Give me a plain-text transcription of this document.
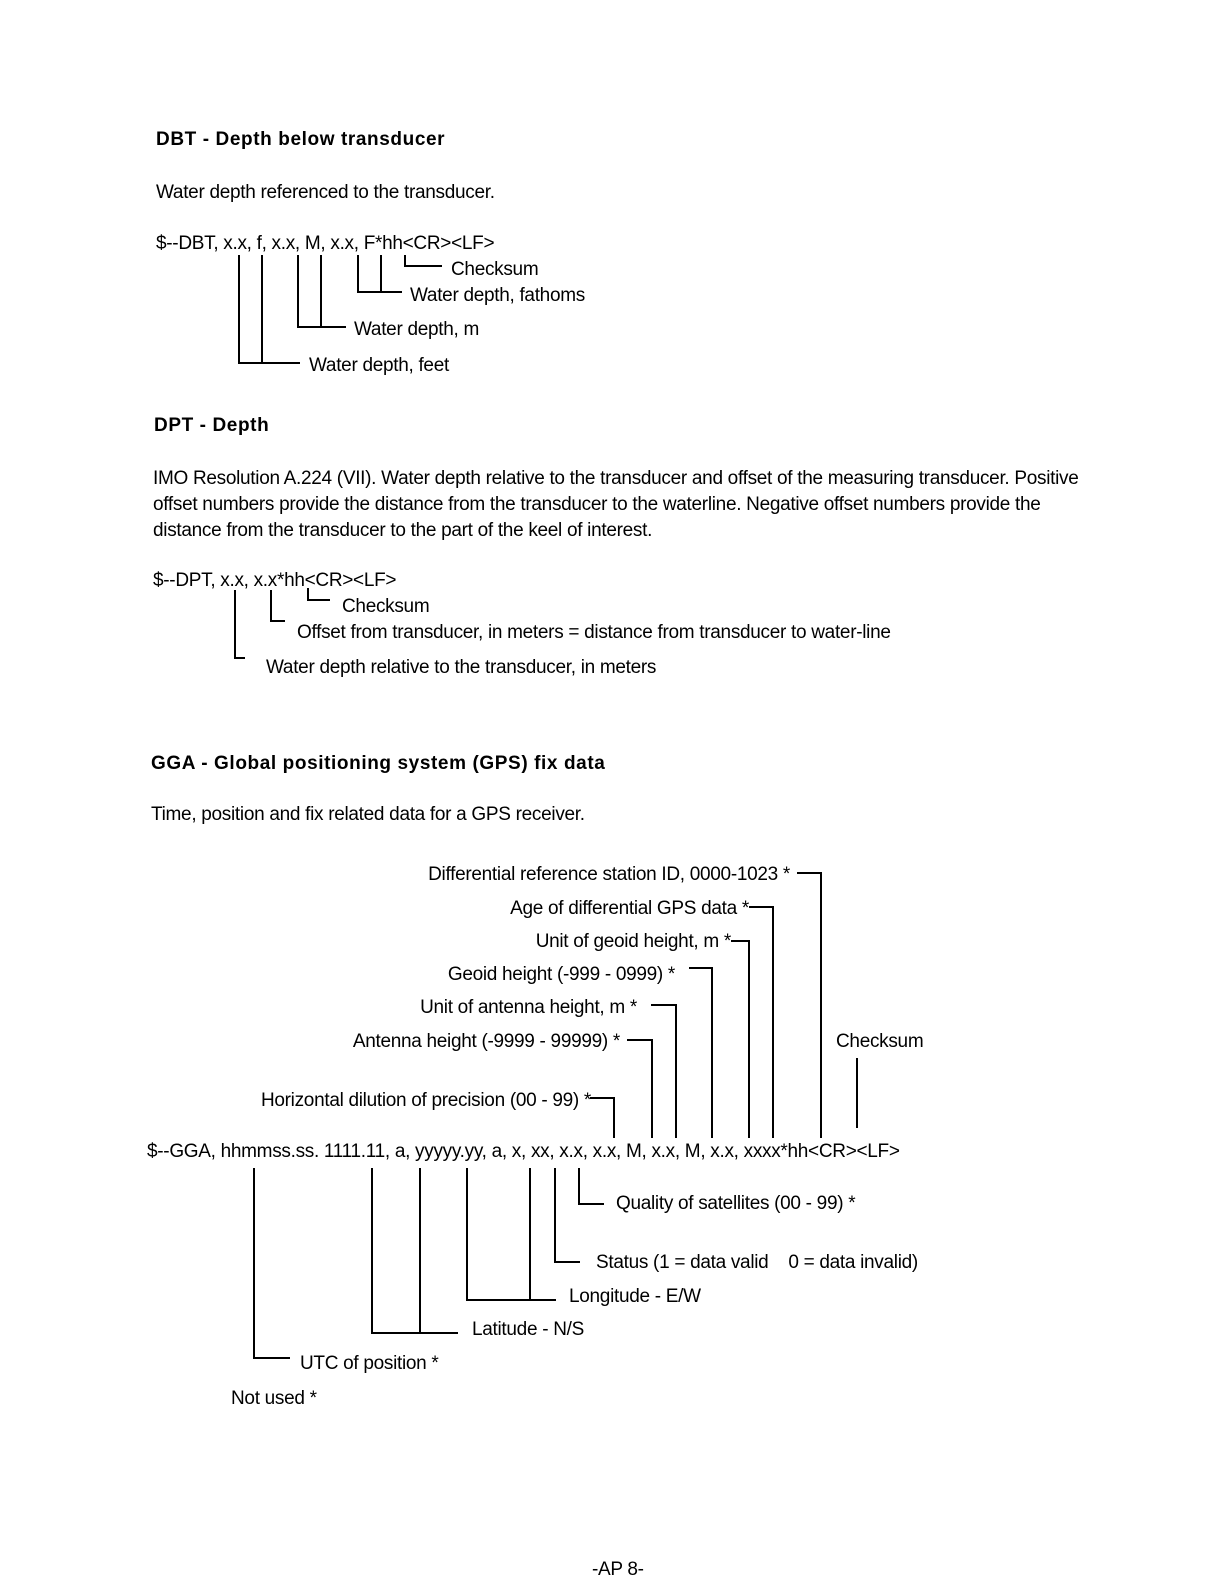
DBT - Depth below transducer
Water depth referenced to the transducer.
$--DBT, x.x, f, x.x, M, x.x, F*hh<CR><LF>
Checksum
Water depth, fathoms
Water depth, m
Water depth, feet
DPT - Depth
IMO Resolution A.224 (VII). Water depth relative to the transducer and offset of the measuring transducer. Positive offset numbers provide the distance from the transducer to the waterline. Negative offset numbers provide the distance from the transducer to the part of the keel of interest.
$--DPT, x.x, x.x*hh<CR><LF>
Checksum
Offset from transducer, in meters = distance from transducer to water-line
Water depth relative to the transducer, in meters
GGA - Global positioning system (GPS) fix data
Time, position and fix related data for a GPS receiver.
Differential reference station ID, 0000-1023 *
Age of differential GPS data *
Unit of geoid height, m *
Geoid height (-999 - 0999) *
Unit of antenna height, m *
Antenna height (-9999 - 99999) *
Horizontal dilution of precision (00 - 99) *
Checksum
$--GGA, hhmmss.ss. 1111.11, a, yyyyy.yy, a, x, xx, x.x, x.x, M, x.x, M, x.x, xxxx*hh<CR><LF>
Quality of satellites (00 - 99) *
Status (1 = data valid    0 = data invalid)
Longitude - E/W
Latitude - N/S
UTC of position *
Not used *
-AP 8-
